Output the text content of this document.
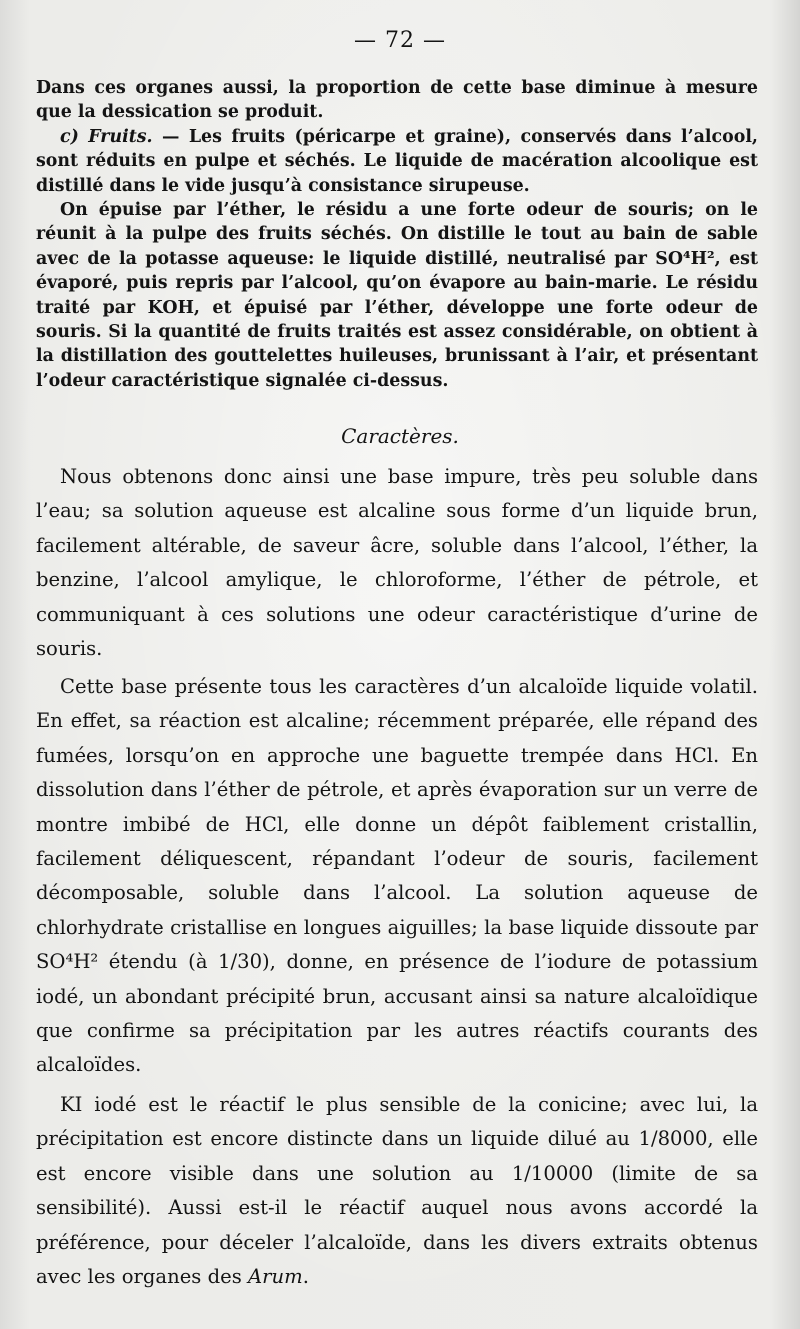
— 72 —

Dans ces organes aussi, la proportion de cette base diminue à mesure que la dessication se produit.

c) Fruits. — Les fruits (péricarpe et graine), conservés dans l’alcool, sont réduits en pulpe et séchés. Le liquide de macération alcoolique est distillé dans le vide jusqu’à consistance sirupeuse.

On épuise par l’éther, le résidu a une forte odeur de souris; on le réunit à la pulpe des fruits séchés. On distille le tout au bain de sable avec de la potasse aqueuse: le liquide distillé, neutralisé par SO⁴H², est évaporé, puis repris par l’alcool, qu’on évapore au bain-marie. Le résidu traité par KOH, et épuisé par l’éther, développe une forte odeur de souris. Si la quantité de fruits traités est assez considérable, on obtient à la distillation des gouttelettes huileuses, brunissant à l’air, et présentant l’odeur caractéristique signalée ci-dessus.

Caractères.

Nous obtenons donc ainsi une base impure, très peu soluble dans l’eau; sa solution aqueuse est alcaline sous forme d’un liquide brun, facilement altérable, de saveur âcre, soluble dans l’alcool, l’éther, la benzine, l’alcool amylique, le chloroforme, l’éther de pétrole, et communiquant à ces solutions une odeur caractéristique d’urine de souris.

Cette base présente tous les caractères d’un alcaloïde liquide volatil. En effet, sa réaction est alcaline; récemment préparée, elle répand des fumées, lorsqu’on en approche une baguette trempée dans HCl. En dissolution dans l’éther de pétrole, et après évaporation sur un verre de montre imbibé de HCl, elle donne un dépôt faiblement cristallin, facilement déliquescent, répandant l’odeur de souris, facilement décomposable, soluble dans l’alcool. La solution aqueuse de chlorhydrate cristallise en longues aiguilles; la base liquide dissoute par SO⁴H² étendu (à 1/30), donne, en présence de l’iodure de potassium iodé, un abondant précipité brun, accusant ainsi sa nature alcaloïdique que confirme sa précipitation par les autres réactifs courants des alcaloïdes.

KI iodé est le réactif le plus sensible de la conicine; avec lui, la précipitation est encore distincte dans un liquide dilué au 1/8000, elle est encore visible dans une solution au 1/10000 (limite de sa sensibilité). Aussi est-il le réactif auquel nous avons accordé la préférence, pour déceler l’alcaloïde, dans les divers extraits obtenus avec les organes des Arum.
